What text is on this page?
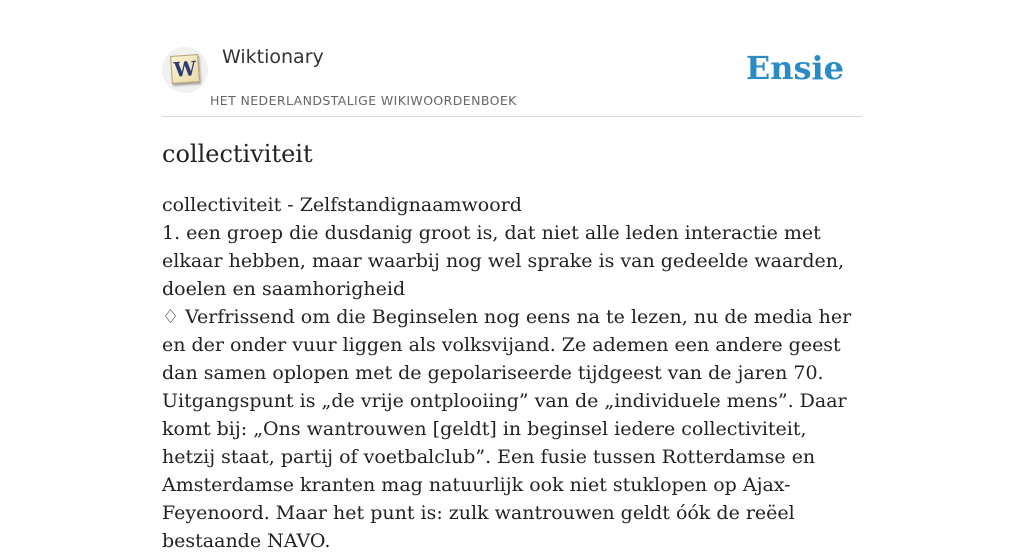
W Wiktionary
HET NEDERLANDSTALIGE WIKIWOORDENBOEK
Ensie
collectiviteit

collectiviteit - Zelfstandignaamwoord

1. een groep die dusdanig groot is, dat niet alle leden interactie met elkaar hebben, maar waarbij nog wel sprake is van gedeelde waarden, doelen en saamhorigheid

♢ Verfrissend om die Beginselen nog eens na te lezen, nu de media her en der onder vuur liggen als volksvijand. Ze ademen een andere geest dan samen oplopen met de gepolariseerde tijdgeest van de jaren 70. Uitgangspunt is „de vrije ontplooiing” van de „individuele mens”. Daar komt bij: „Ons wantrouwen [geldt] in beginsel iedere collectiviteit, hetzij staat, partij of voetbalclub”. Een fusie tussen Rotterdamse en Amsterdamse kranten mag natuurlijk ook niet stuklopen op Ajax-Feyenoord. Maar het punt is: zulk wantrouwen geldt óók de reëel bestaande NAVO.
